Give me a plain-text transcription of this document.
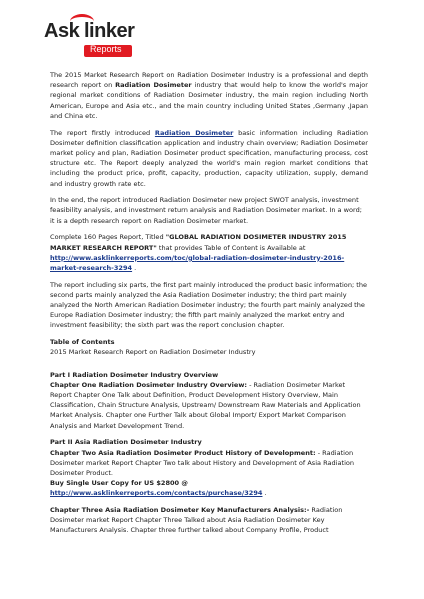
Ask linker
Reports

The 2015 Market Research Report on Radiation Dosimeter Industry is a professional and depth research report on Radiation Dosimeter industry that would help to know the world's major regional market conditions of Radiation Dosimeter industry, the main region including North American, Europe and Asia etc., and the main country including United States ,Germany ,Japan and China etc.

The report firstly introduced Radiation Dosimeter basic information including Radiation Dosimeter definition classification application and industry chain overview; Radiation Dosimeter market policy and plan, Radiation Dosimeter product specification, manufacturing process, cost structure etc. The Report deeply analyzed the world's main region market conditions that including the product price, profit, capacity, production, capacity utilization, supply, demand and industry growth rate etc.

In the end, the report introduced Radiation Dosimeter new project SWOT analysis, investment feasibility analysis, and investment return analysis and Radiation Dosimeter market. In a word; it is a depth research report on Radiation Dosimeter market.

Complete 160 Pages Report, Titled "GLOBAL RADIATION DOSIMETER INDUSTRY 2015 MARKET RESEARCH REPORT" that provides Table of Content is Available at http://www.asklinkerreports.com/toc/global-radiation-dosimeter-industry-2016-market-research-3294 .

The report including six parts, the first part mainly introduced the product basic information; the second parts mainly analyzed the Asia Radiation Dosimeter industry; the third part mainly analyzed the North American Radiation Dosimeter industry; the fourth part mainly analyzed the Europe Radiation Dosimeter industry; the fifth part mainly analyzed the market entry and investment feasibility; the sixth part was the report conclusion chapter.

Table of Contents
2015 Market Research Report on Radiation Dosimeter Industry
Part I Radiation Dosimeter Industry Overview

Chapter One Radiation Dosimeter Industry Overview: - Radiation Dosimeter Market Report Chapter One Talk about Definition, Product Development History Overview, Main Classification, Chain Structure Analysis, Upstream/ Downstream Raw Materials and Application Market Analysis. Chapter one Further Talk about Global Import/ Export Market Comparison Analysis and Market Development Trend.

Part II Asia Radiation Dosimeter Industry
Chapter Two Asia Radiation Dosimeter Product History of Development: - Radiation Dosimeter market Report Chapter Two talk about History and Development of Asia Radiation Dosimeter Product.
Buy Single User Copy for US $2800 @

http://www.asklinkerreports.com/contacts/purchase/3294 .

Chapter Three Asia Radiation Dosimeter Key Manufacturers Analysis:- Radiation Dosimeter market Report Chapter Three Talked about Asia Radiation Dosimeter Key Manufacturers Analysis. Chapter three further talked about Company Profile, Product
